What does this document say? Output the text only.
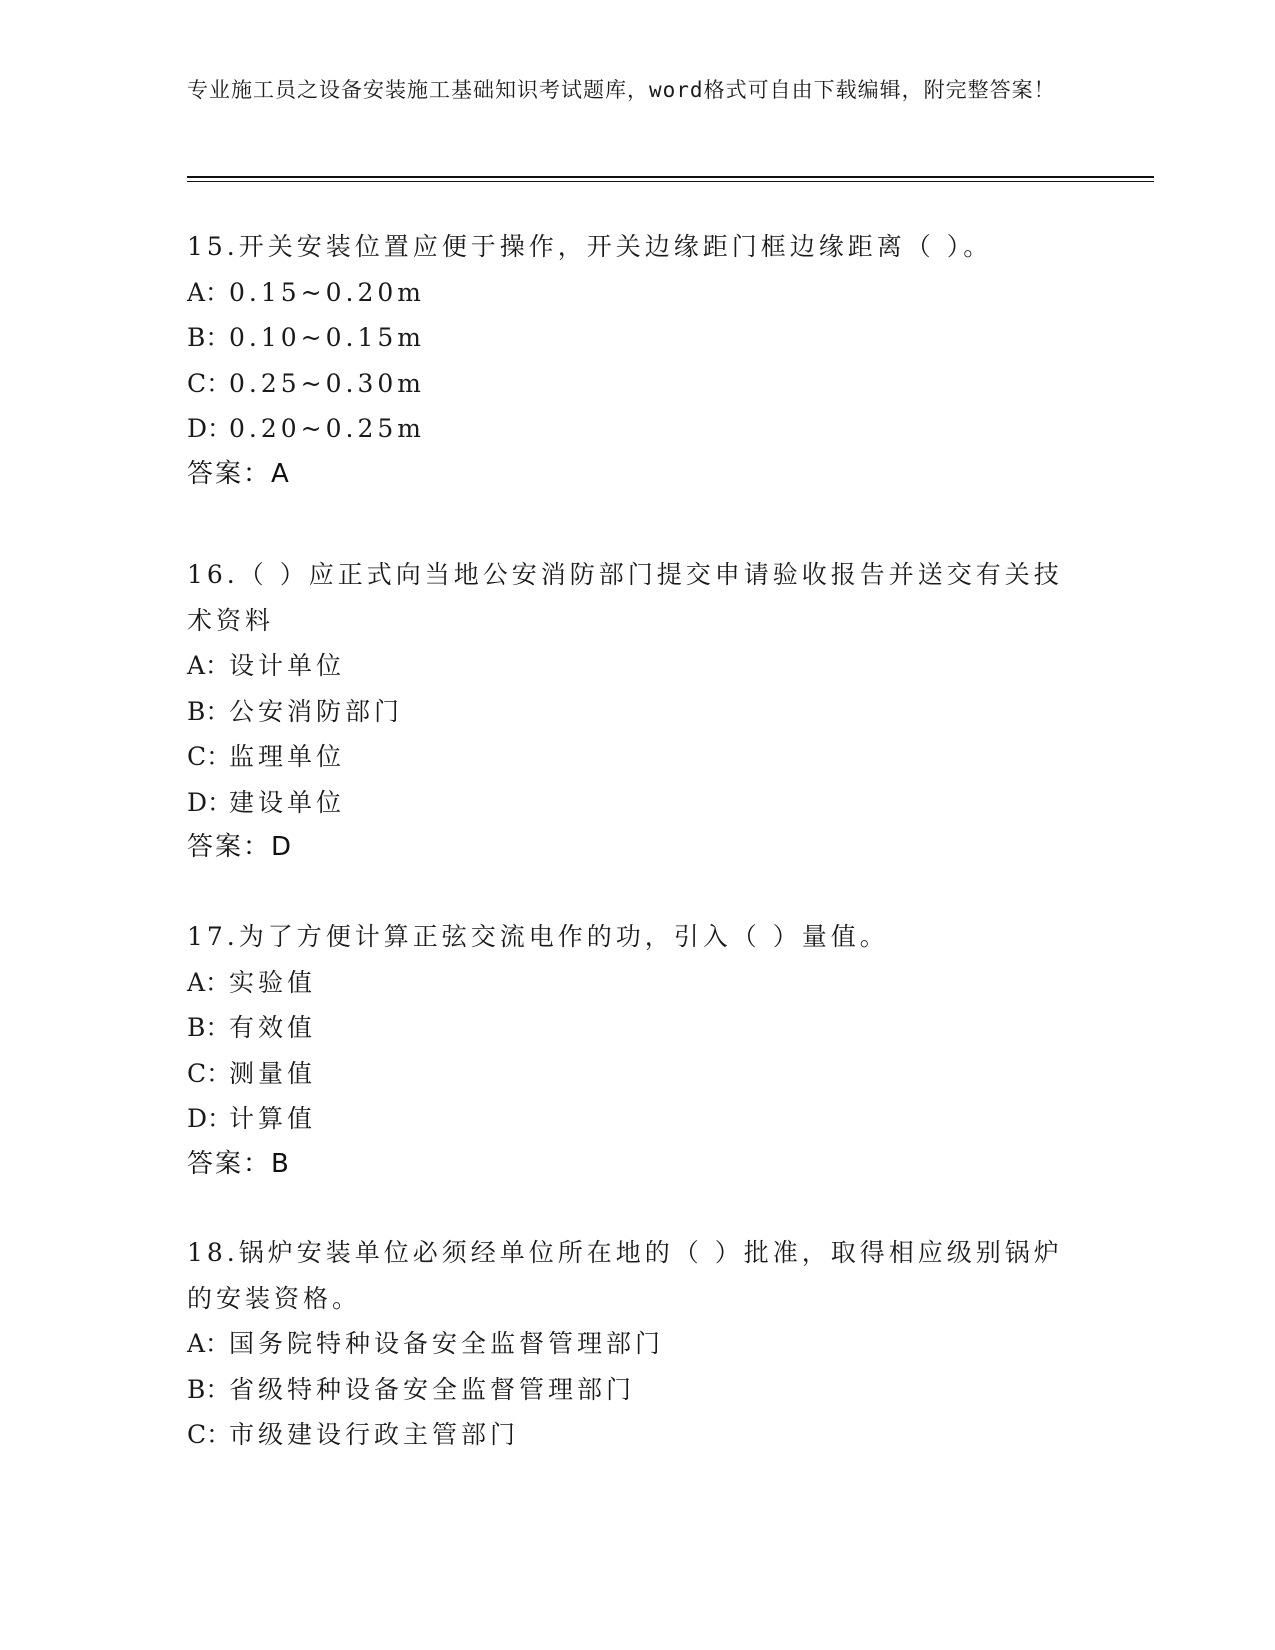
专业施工员之设备安装施工基础知识考试题库，word格式可自由下载编辑，附完整答案！
15.开关安装位置应便于操作，开关边缘距门框边缘距离（ ）。
A：0.15~0.20m
B：0.10~0.15m
C：0.25~0.30m
D：0.20~0.25m
答案：A
16.（ ）应正式向当地公安消防部门提交申请验收报告并送交有关技术资料
A：设计单位
B：公安消防部门
C：监理单位
D：建设单位
答案：D
17.为了方便计算正弦交流电作的功，引入（ ）量值。
A：实验值
B：有效值
C：测量值
D：计算值
答案：B
18.锅炉安装单位必须经单位所在地的（ ）批准，取得相应级别锅炉的安装资格。
A：国务院特种设备安全监督管理部门
B：省级特种设备安全监督管理部门
C：市级建设行政主管部门
